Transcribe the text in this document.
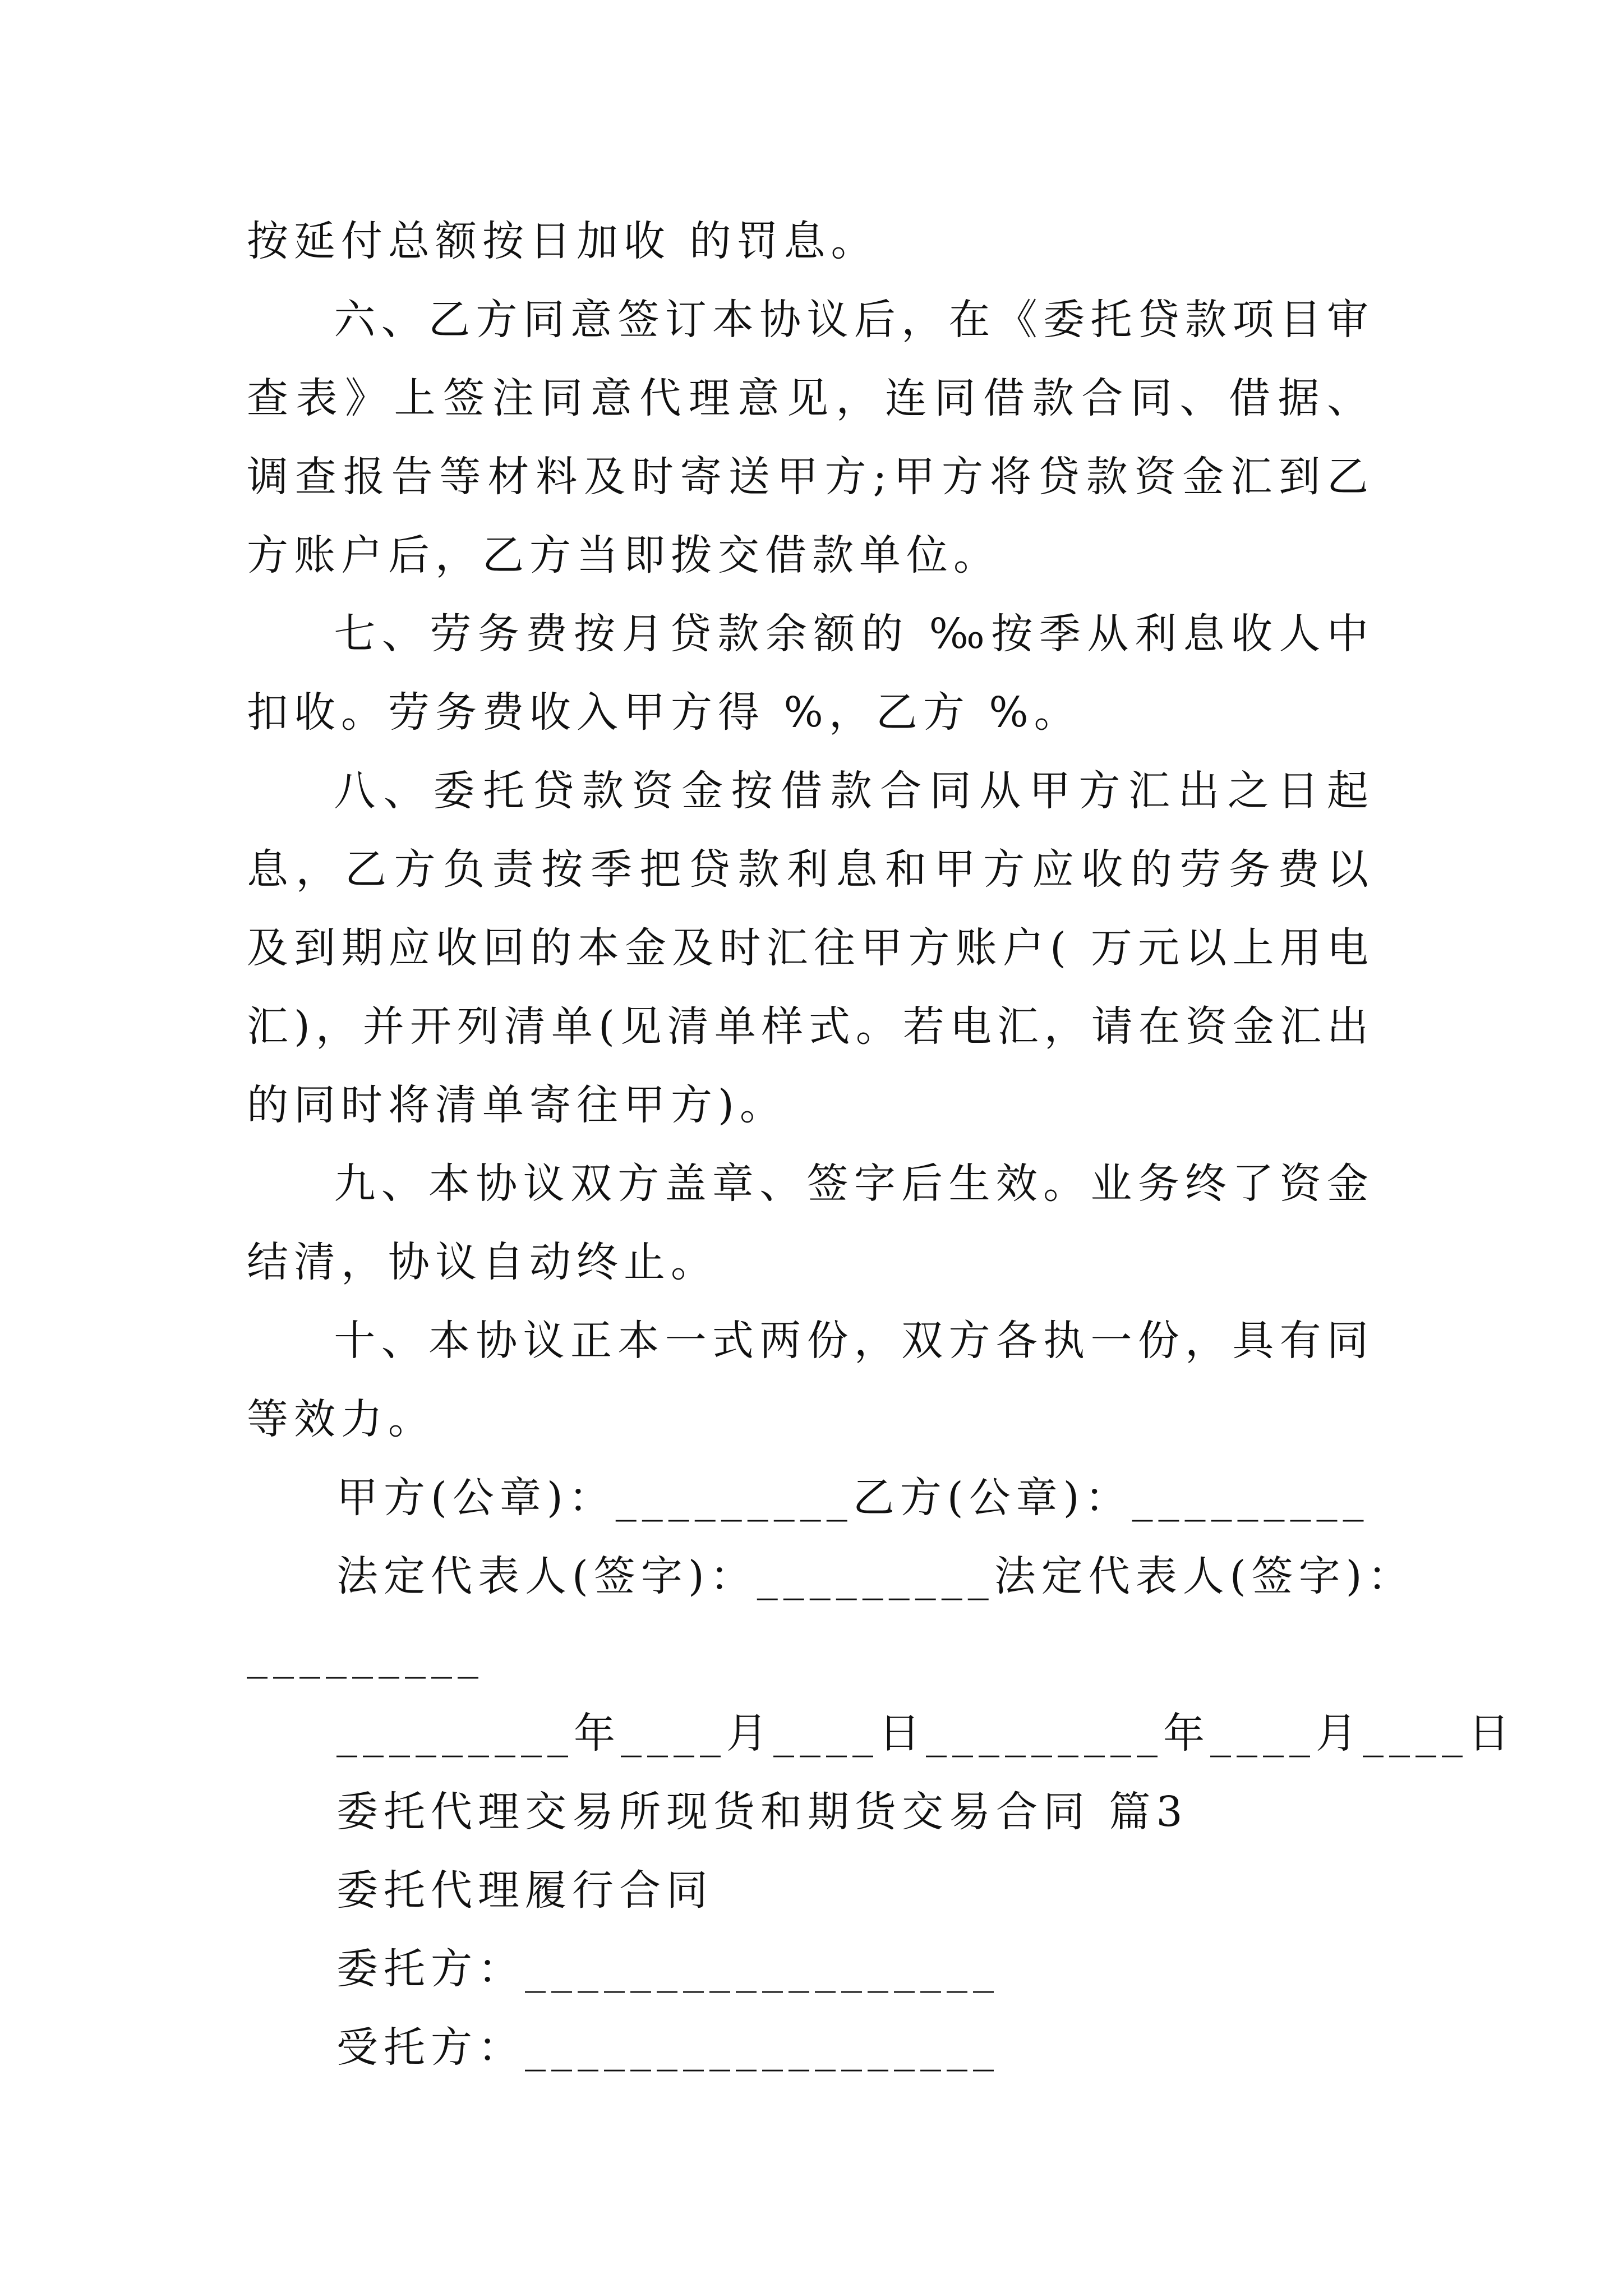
按延付总额按日加收 的罚息。

六、乙方同意签订本协议后，在《委托贷款项目审查表》上签注同意代理意见，连同借款合同、借据、调查报告等材料及时寄送甲方;甲方将贷款资金汇到乙方账户后，乙方当即拨交借款单位。

七、劳务费按月贷款余额的 ‰按季从利息收人中扣收。劳务费收入甲方得 %，乙方 %。

八、委托贷款资金按借款合同从甲方汇出之日起息，乙方负责按季把贷款利息和甲方应收的劳务费以及到期应收回的本金及时汇往甲方账户( 万元以上用电汇)，并开列清单(见清单样式。若电汇，请在资金汇出的同时将清单寄往甲方)。

九、本协议双方盖章、签字后生效。业务终了资金结清，协议自动终止。

十、本协议正本一式两份，双方各执一份，具有同等效力。

甲方(公章)：_________乙方(公章)：_________

法定代表人(签字)：_________法定代表人(签字)：

_________

_________年____月____日_________年____月____日

委托代理交易所现货和期货交易合同 篇3

委托代理履行合同

委托方：__________________

受托方：__________________
